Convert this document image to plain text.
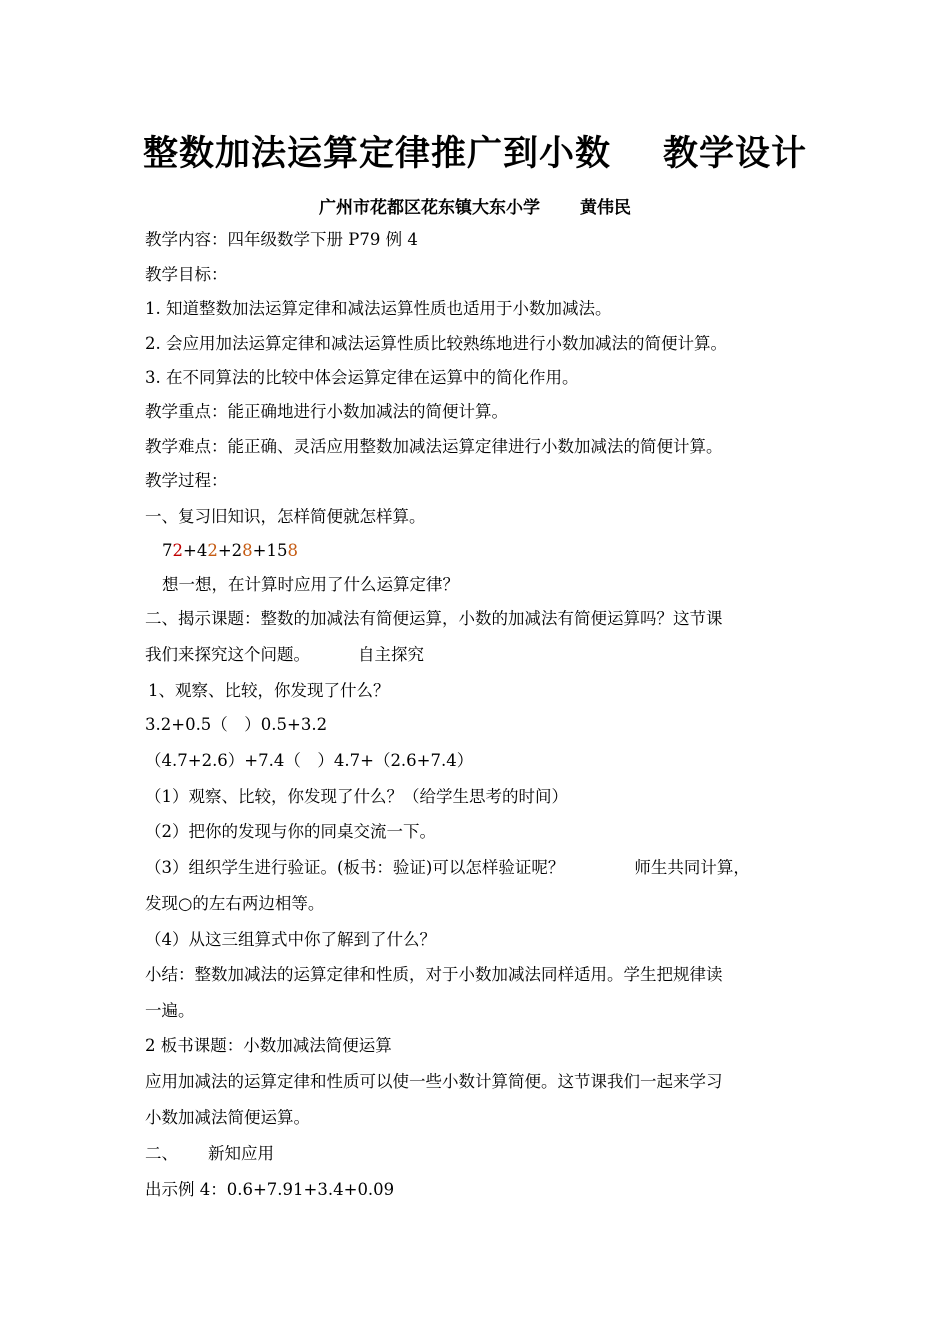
整数加法运算定律推广到小数 教学设计
广州市花都区花东镇大东小学 黄伟民
教学内容：四年级数学下册 P79 例 4
教学目标：
1. 知道整数加法运算定律和减法运算性质也适用于小数加减法。
2. 会应用加法运算定律和减法运算性质比较熟练地进行小数加减法的简便计算。
3. 在不同算法的比较中体会运算定律在运算中的简化作用。
教学重点：能正确地进行小数加减法的简便计算。
教学难点：能正确、灵活应用整数加减法运算定律进行小数加减法的简便计算。
教学过程：
一、复习旧知识，怎样简便就怎样算。
72+42+28+158
想一想，在计算时应用了什么运算定律？
二、揭示课题：整数的加减法有简便运算，小数的加减法有简便运算吗？这节课
我们来探究这个问题。	自主探究
1、观察、比较，你发现了什么？
3.2+0.5（　）0.5+3.2
（4.7+2.6）+7.4（　）4.7+（2.6+7.4）
（1）观察、比较，你发现了什么？（给学生思考的时间）
（2）把你的发现与你的同桌交流一下。
（3）组织学生进行验证。(板书：验证)可以怎样验证呢？	师生共同计算，
发现○的左右两边相等。
（4）从这三组算式中你了解到了什么？
小结：整数加减法的运算定律和性质，对于小数加减法同样适用。学生把规律读
一遍。
2 板书课题：小数加减法简便运算
应用加减法的运算定律和性质可以使一些小数计算简便。这节课我们一起来学习
小数加减法简便运算。
二、 新知应用
出示例 4：0.6+7.91+3.4+0.09
